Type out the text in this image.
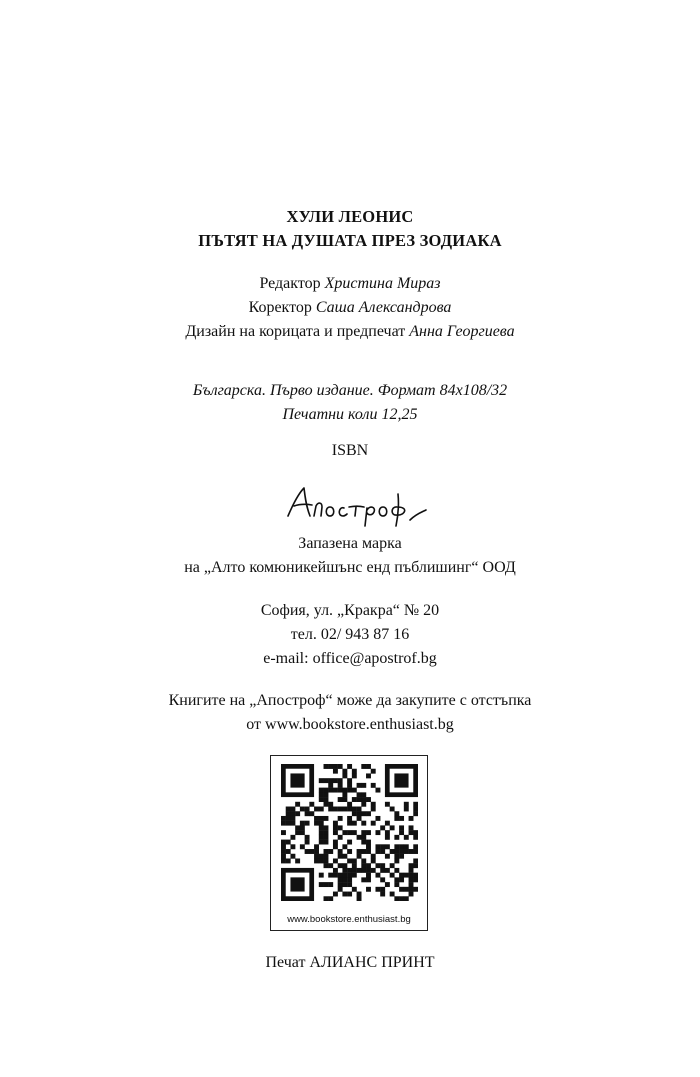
ХУЛИ ЛЕОНИС
ПЪТЯТ НА ДУШАТА ПРЕЗ ЗОДИАКА
Редактор Христина Мираз
Коректор Саша Александрова
Дизайн на корицата и предпечат Анна Георгиева
Българска. Първо издание. Формат 84х108/32
Печатни коли 12,25
ISBN
Запазена марка
на „Алто комюникейшънс енд пъблишинг“ ООД
София, ул. „Кракра“ № 20
тел. 02/ 943 87 16
e-mail: office@apostrof.bg
Книгите на „Апостроф“ може да закупите с отстъпка
от www.bookstore.enthusiast.bg
www.bookstore.enthusiast.bg
Печат АЛИАНС ПРИНТ
